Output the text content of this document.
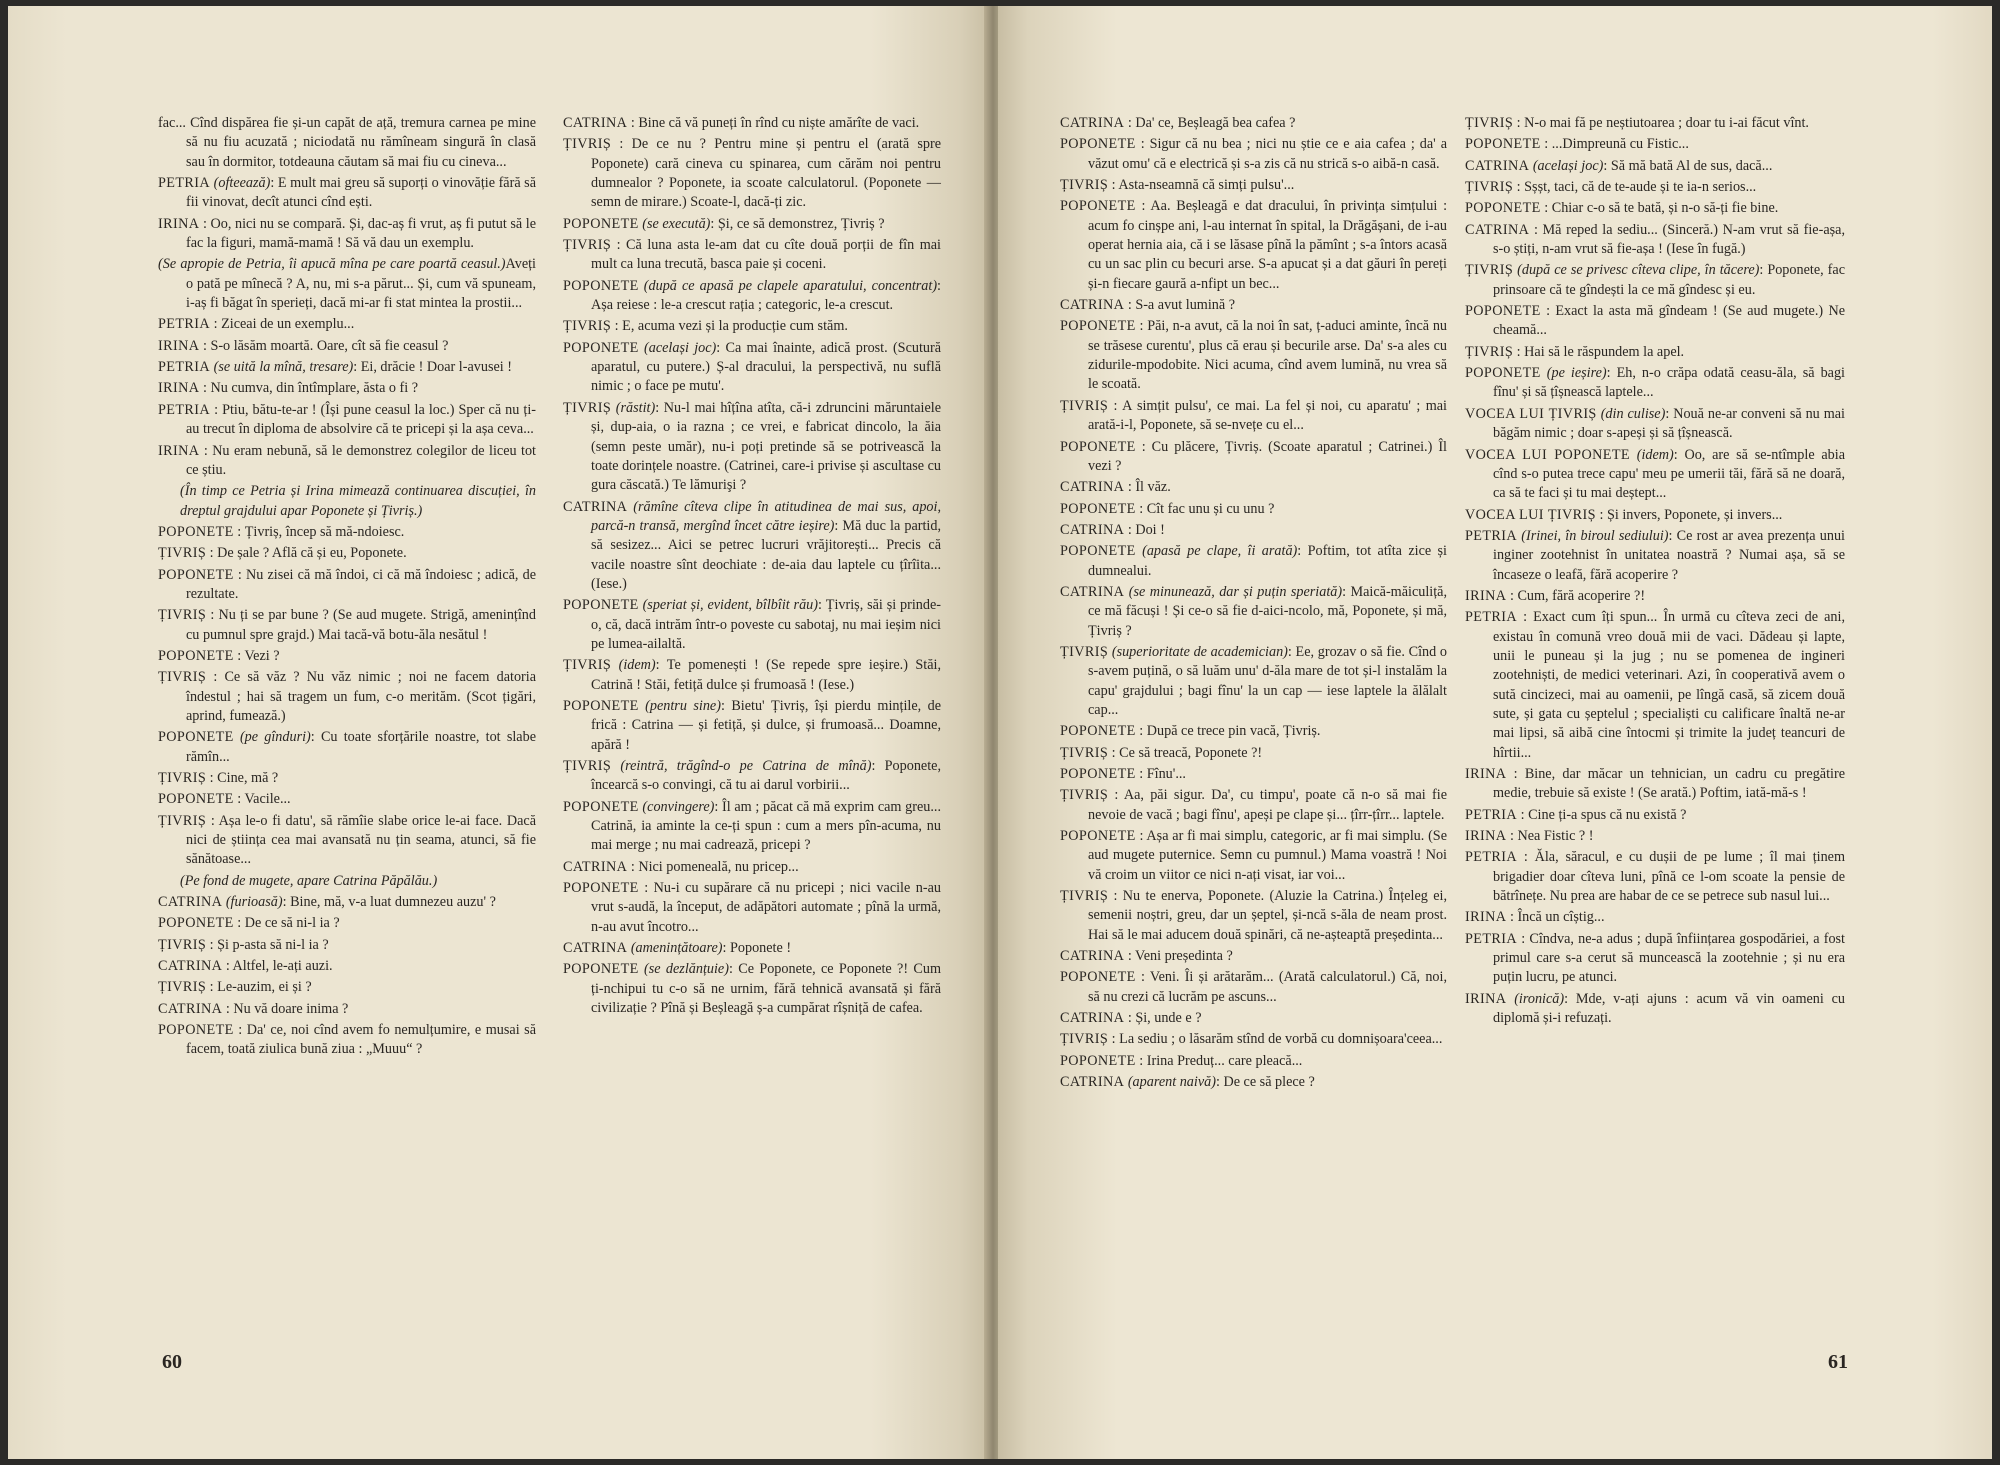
fac... Cînd dispărea fie și-un capăt de ață, tremura carnea pe mine să nu fiu acuzată ; niciodată nu rămîneam singură în clasă sau în dormitor, totdeauna căutam să mai fiu cu cineva...

PETRIA (ofteează): E mult mai greu să suporți o vinovăție fără să fii vinovat, decît atunci cînd ești.

IRINA : Oo, nici nu se compară. Și, dac-aș fi vrut, aș fi putut să le fac la figuri, mamă-mamă ! Să vă dau un exemplu.

(Se apropie de Petria, îi apucă mîna pe care poartă ceasul.)Aveți o pată pe mînecă ? A, nu, mi s-a părut... Și, cum vă spuneam, i-aș fi băgat în sperieți, dacă mi-ar fi stat mintea la prostii...

PETRIA : Ziceai de un exemplu...

IRINA : S-o lăsăm moartă. Oare, cît să fie ceasul ?

PETRIA (se uită la mînă, tresare): Ei, drăcie ! Doar l-avusei !

IRINA : Nu cumva, din întîmplare, ăsta o fi ?

PETRIA : Ptiu, bătu-te-ar ! (Își pune ceasul la loc.) Sper că nu ți-au trecut în diploma de absolvire că te pricepi și la așa ceva...

IRINA : Nu eram nebună, să le demonstrez colegilor de liceu tot ce știu.

(În timp ce Petria și Irina mimează continuarea discuției, în dreptul grajdului apar Poponete și Țivriș.)

POPONETE : Țivriș, încep să mă-ndoiesc.

ȚIVRIȘ : De șale ? Află că și eu, Poponete.

POPONETE : Nu zisei că mă îndoi, ci că mă îndoiesc ; adică, de rezultate.

ȚIVRIȘ : Nu ți se par bune ? (Se aud mugete. Strigă, amenințînd cu pumnul spre grajd.) Mai tacă-vă botu-ăla nesătul !

POPONETE : Vezi ?

ȚIVRIȘ : Ce să văz ? Nu văz nimic ; noi ne facem datoria îndestul ; hai să tragem un fum, c-o merităm. (Scot țigări, aprind, fumează.)

POPONETE (pe gînduri): Cu toate sforțările noastre, tot slabe rămîn...

ȚIVRIȘ : Cine, mă ?

POPONETE : Vacile...

ȚIVRIȘ : Așa le-o fi datu', să rămîie slabe orice le-ai face. Dacă nici de știința cea mai avansată nu țin seama, atunci, să fie sănătoase...

(Pe fond de mugete, apare Catrina Păpălău.)

CATRINA (furioasă): Bine, mă, v-a luat dumnezeu auzu' ?

POPONETE : De ce să ni-l ia ?

ȚIVRIȘ : Și p-asta să ni-l ia ?

CATRINA : Altfel, le-ați auzi.

ȚIVRIȘ : Le-auzim, ei și ?

CATRINA : Nu vă doare inima ?

POPONETE : Da' ce, noi cînd avem fo nemulțumire, e musai să facem, toată ziulica bună ziua : „Muuu“ ?

CATRINA : Bine că vă puneți în rînd cu niște amărîte de vaci.

ȚIVRIȘ : De ce nu ? Pentru mine și pentru el (arată spre Poponete) cară cineva cu spinarea, cum cărăm noi pentru dumnealor ? Poponete, ia scoate calculatorul. (Poponete — semn de mirare.) Scoate-l, dacă-ți zic.

POPONETE (se execută): Și, ce să demonstrez, Țivriș ?

ȚIVRIȘ : Că luna asta le-am dat cu cîte două porții de fîn mai mult ca luna trecută, basca paie și coceni.

POPONETE (după ce apasă pe clapele aparatului, concentrat): Așa reiese : le-a crescut rația ; categoric, le-a crescut.

ȚIVRIȘ : E, acuma vezi și la producție cum stăm.

POPONETE (același joc): Ca mai înainte, adică prost. (Scutură aparatul, cu putere.) Ș-al dracului, la perspectivă, nu suflă nimic ; o face pe mutu'.

ȚIVRIȘ (răstit): Nu-l mai hîțîna atîta, că-i zdruncini măruntaiele și, dup-aia, o ia razna ; ce vrei, e fabricat dincolo, la ăia (semn peste umăr), nu-i poți pretinde să se potrivească la toate dorințele noastre. (Catrinei, care-i privise și ascultase cu gura căscată.) Te lămurişi ?

CATRINA (rămîne cîteva clipe în atitudinea de mai sus, apoi, parcă-n transă, mergînd încet către ieșire): Mă duc la partid, să sesizez... Aici se petrec lucruri vrăjitorești... Precis că vacile noastre sînt deochiate : de-aia dau laptele cu țîrîita... (Iese.)

POPONETE (speriat și, evident, bîlbîit rău): Țivriș, săi și prinde-o, că, dacă intrăm într-o poveste cu sabotaj, nu mai ieșim nici pe lumea-ailaltă.

ȚIVRIȘ (idem): Te pomenești ! (Se repede spre ieșire.) Stăi, Catrină ! Stăi, fetiță dulce și frumoasă ! (Iese.)

POPONETE (pentru sine): Bietu' Țivriș, își pierdu mințile, de frică : Catrina — și fetiță, și dulce, și frumoasă... Doamne, apără !

ȚIVRIȘ (reintră, trăgînd-o pe Catrina de mînă): Poponete, încearcă s-o convingi, că tu ai darul vorbirii...

POPONETE (convingere): Îl am ; păcat că mă exprim cam greu... Catrină, ia aminte la ce-ți spun : cum a mers pîn-acuma, nu mai merge ; nu mai cadrează, pricepi ?

CATRINA : Nici pomeneală, nu pricep...

POPONETE : Nu-i cu supărare că nu pricepi ; nici vacile n-au vrut s-audă, la început, de adăpători automate ; pînă la urmă, n-au avut încotro...

CATRINA (amenințătoare): Poponete !

POPONETE (se dezlănțuie): Ce Poponete, ce Poponete ?! Cum ți-nchipui tu c-o să ne urnim, fără tehnică avansată și fără civilizație ? Pînă și Beșleagă ș-a cumpărat rîșniță de cafea.

60

CATRINA : Da' ce, Beșleagă bea cafea ?

POPONETE : Sigur că nu bea ; nici nu știe ce e aia cafea ; da' a văzut omu' că e electrică și s-a zis că nu strică s-o aibă-n casă.

ȚIVRIȘ : Asta-nseamnă că simți pulsu'...

POPONETE : Aa. Beșleagă e dat dracului, în privința simțului : acum fo cinșpe ani, l-au internat în spital, la Drăgășani, de i-au operat hernia aia, că i se lăsase pînă la pămînt ; s-a întors acasă cu un sac plin cu becuri arse. S-a apucat și a dat găuri în pereți și-n fiecare gaură a-nfipt un bec...

CATRINA : S-a avut lumină ?

POPONETE : Păi, n-a avut, că la noi în sat, ț-aduci aminte, încă nu se trăsese curentu', plus că erau și becurile arse. Da' s-a ales cu zidurile-mpodobite. Nici acuma, cînd avem lumină, nu vrea să le scoată.

ȚIVRIȘ : A simțit pulsu', ce mai. La fel și noi, cu aparatu' ; mai arată-i-l, Poponete, să se-nvețe cu el...

POPONETE : Cu plăcere, Țivriș. (Scoate aparatul ; Catrinei.) Îl vezi ?

CATRINA : Îl văz.

POPONETE : Cît fac unu și cu unu ?

CATRINA : Doi !

POPONETE (apasă pe clape, îi arată): Poftim, tot atîta zice și dumnealui.

CATRINA (se minunează, dar și puțin speriată): Maică-măiculiță, ce mă făcuși ! Și ce-o să fie d-aici-ncolo, mă, Poponete, și mă, Țivriș ?

ȚIVRIȘ (superioritate de academician): Ee, grozav o să fie. Cînd o s-avem puțină, o să luăm unu' d-ăla mare de tot și-l instalăm la capu' grajdului ; bagi fînu' la un cap — iese laptele la ălălalt cap...

POPONETE : După ce trece pin vacă, Țivriș.

ȚIVRIȘ : Ce să treacă, Poponete ?!

POPONETE : Fînu'...

ȚIVRIȘ : Aa, păi sigur. Da', cu timpu', poate că n-o să mai fie nevoie de vacă ; bagi fînu', apeși pe clape și... țîrr-țîrr... laptele.

POPONETE : Așa ar fi mai simplu, categoric, ar fi mai simplu. (Se aud mugete puternice. Semn cu pumnul.) Mama voastră ! Noi vă croim un viitor ce nici n-ați visat, iar voi...

ȚIVRIȘ : Nu te enerva, Poponete. (Aluzie la Catrina.) Înțeleg ei, semenii noștri, greu, dar un șeptel, și-ncă s-ăla de neam prost. Hai să le mai aducem două spinări, că ne-așteaptă președinta...

CATRINA : Veni președinta ?

POPONETE : Veni. Îi și arătarăm... (Arată calculatorul.) Că, noi, să nu crezi că lucrăm pe ascuns...

CATRINA : Și, unde e ?

ȚIVRIȘ : La sediu ; o lăsarăm stînd de vorbă cu domnișoara'ceea...

POPONETE : Irina Preduț... care pleacă...

CATRINA (aparent naivă): De ce să plece ?

ȚIVRIȘ : N-o mai fă pe neștiutoarea ; doar tu i-ai făcut vînt.

POPONETE : ...Dimpreună cu Fistic...

CATRINA (același joc): Să mă bată Al de sus, dacă...

ȚIVRIȘ : Sșșt, taci, că de te-aude și te ia-n serios...

POPONETE : Chiar c-o să te bată, și n-o să-ți fie bine.

CATRINA : Mă reped la sediu... (Sinceră.) N-am vrut să fie-așa, s-o știți, n-am vrut să fie-așa ! (Iese în fugă.)

ȚIVRIȘ (după ce se privesc cîteva clipe, în tăcere): Poponete, fac prinsoare că te gîndești la ce mă gîndesc și eu.

POPONETE : Exact la asta mă gîndeam ! (Se aud mugete.) Ne cheamă...

ȚIVRIȘ : Hai să le răspundem la apel.

POPONETE (pe ieșire): Eh, n-o crăpa odată ceasu-ăla, să bagi fînu' și să țîșnească laptele...

VOCEA LUI ȚIVRIȘ (din culise): Nouă ne-ar conveni să nu mai băgăm nimic ; doar s-apeși și să țîșnească.

VOCEA LUI POPONETE (idem): Oo, are să se-ntîmple abia cînd s-o putea trece capu' meu pe umerii tăi, fără să ne doară, ca să te faci și tu mai deștept...

VOCEA LUI ȚIVRIȘ : Și invers, Poponete, și invers...

PETRIA (Irinei, în biroul sediului): Ce rost ar avea prezența unui inginer zootehnist în unitatea noastră ? Numai așa, să se încaseze o leafă, fără acoperire ?

IRINA : Cum, fără acoperire ?!

PETRIA : Exact cum îți spun... În urmă cu cîteva zeci de ani, existau în comună vreo două mii de vaci. Dădeau și lapte, unii le puneau și la jug ; nu se pomenea de ingineri zootehniști, de medici veterinari. Azi, în cooperativă avem o sută cincizeci, mai au oamenii, pe lîngă casă, să zicem două sute, și gata cu șeptelul ; specialiști cu calificare înaltă ne-ar mai lipsi, să aibă cine întocmi și trimite la județ teancuri de hîrtii...

IRINA : Bine, dar măcar un tehnician, un cadru cu pregătire medie, trebuie să existe ! (Se arată.) Poftim, iată-mă-s !

PETRIA : Cine ți-a spus că nu există ?

IRINA : Nea Fistic ? !

PETRIA : Ăla, săracul, e cu dușii de pe lume ; îl mai ținem brigadier doar cîteva luni, pînă ce l-om scoate la pensie de bătrînețe. Nu prea are habar de ce se petrece sub nasul lui...

IRINA : Încă un cîștig...

PETRIA : Cîndva, ne-a adus ; după înființarea gospodăriei, a fost primul care s-a cerut să muncească la zootehnie ; și nu era puțin lucru, pe atunci.

IRINA (ironică): Mde, v-ați ajuns : acum vă vin oameni cu diplomă și-i refuzați.

61
